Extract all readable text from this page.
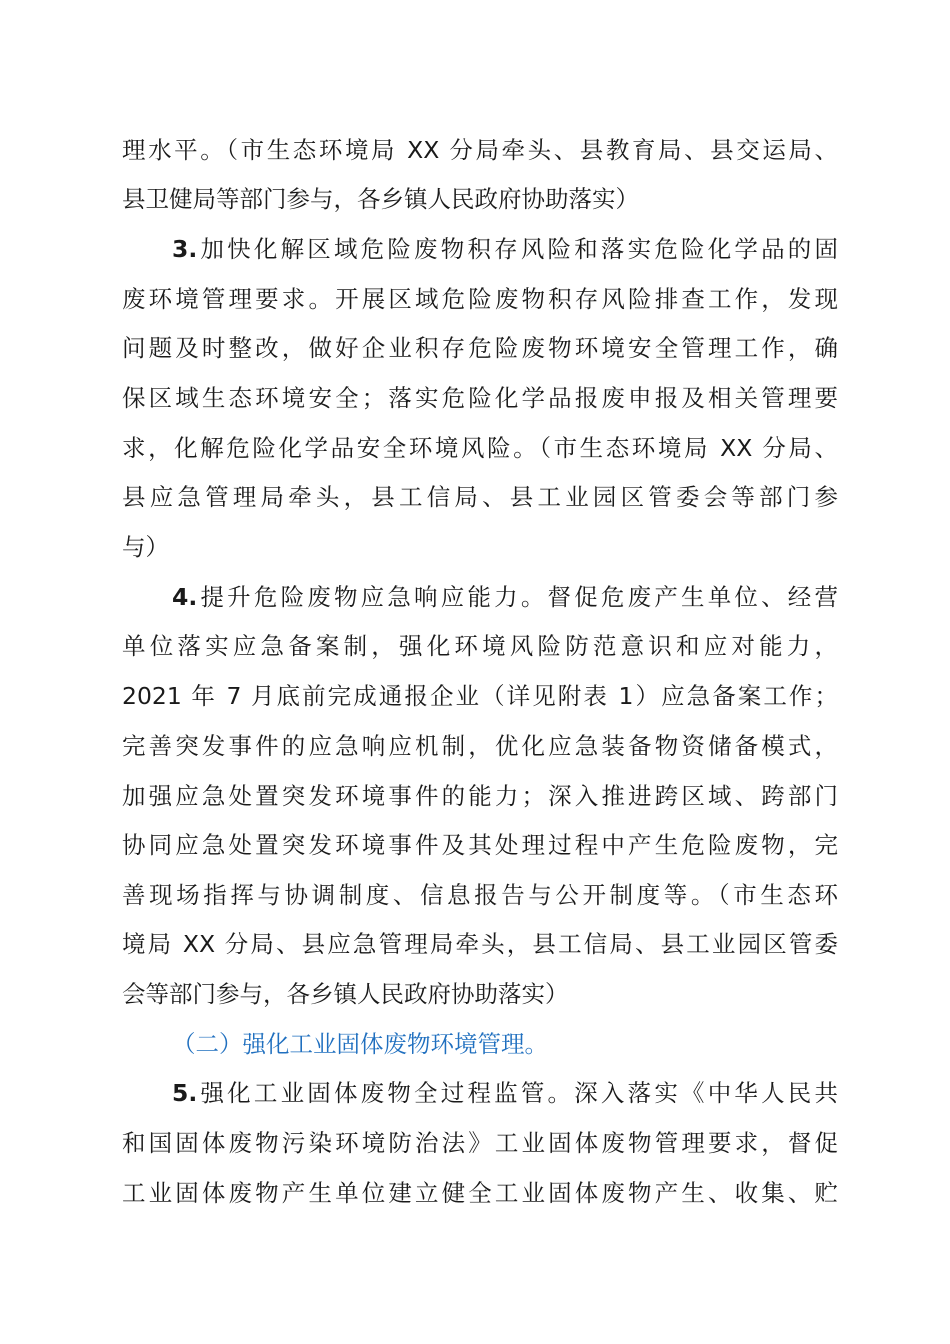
理水平。（市生态环境局 XX 分局牵头、县教育局、县交运局、
县卫健局等部门参与，各乡镇人民政府协助落实）
3.加快化解区域危险废物积存风险和落实危险化学品的固
废环境管理要求。开展区域危险废物积存风险排查工作，发现
问题及时整改，做好企业积存危险废物环境安全管理工作，确
保区域生态环境安全；落实危险化学品报废申报及相关管理要
求，化解危险化学品安全环境风险。（市生态环境局 XX 分局、
县应急管理局牵头，县工信局、县工业园区管委会等部门参
与）
4.提升危险废物应急响应能力。督促危废产生单位、经营
单位落实应急备案制，强化环境风险防范意识和应对能力，
2021 年 7 月底前完成通报企业（详见附表 1）应急备案工作；
完善突发事件的应急响应机制，优化应急装备物资储备模式，
加强应急处置突发环境事件的能力；深入推进跨区域、跨部门
协同应急处置突发环境事件及其处理过程中产生危险废物，完
善现场指挥与协调制度、信息报告与公开制度等。（市生态环
境局 XX 分局、县应急管理局牵头，县工信局、县工业园区管委
会等部门参与，各乡镇人民政府协助落实）
（二）强化工业固体废物环境管理。
5.强化工业固体废物全过程监管。深入落实《中华人民共
和国固体废物污染环境防治法》工业固体废物管理要求，督促
工业固体废物产生单位建立健全工业固体废物产生、收集、贮
